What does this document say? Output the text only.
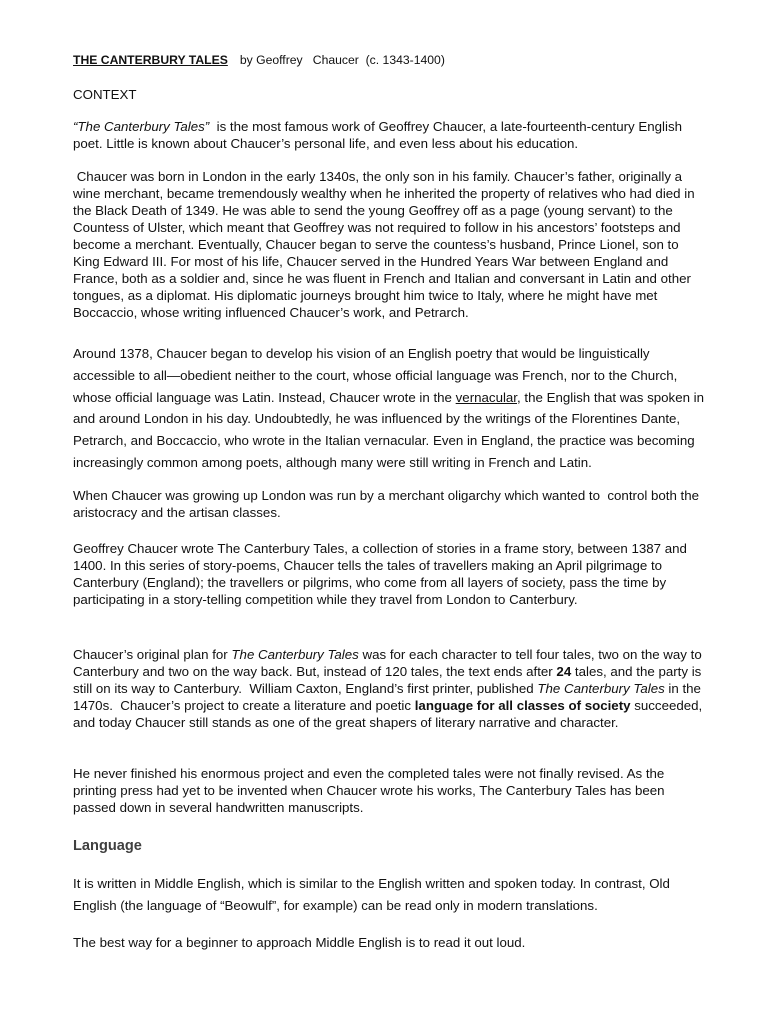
THE CANTERBURY TALES by Geoffrey   Chaucer  (c. 1343-1400)

CONTEXT

“The Canterbury Tales”  is the most famous work of Geoffrey Chaucer, a late-fourteenth-century English poet. Little is known about Chaucer’s personal life, and even less about his education.

Chaucer was born in London in the early 1340s, the only son in his family. Chaucer’s father, originally a wine merchant, became tremendously wealthy when he inherited the property of relatives who had died in the Black Death of 1349. He was able to send the young Geoffrey off as a page (young servant) to the Countess of Ulster, which meant that Geoffrey was not required to follow in his ancestors’ footsteps and become a merchant. Eventually, Chaucer began to serve the countess’s husband, Prince Lionel, son to King Edward III. For most of his life, Chaucer served in the Hundred Years War between England and France, both as a soldier and, since he was fluent in French and Italian and conversant in Latin and other tongues, as a diplomat. His diplomatic journeys brought him twice to Italy, where he might have met Boccaccio, whose writing influenced Chaucer’s work, and Petrarch.

Around 1378, Chaucer began to develop his vision of an English poetry that would be linguistically accessible to all—obedient neither to the court, whose official language was French, nor to the Church, whose official language was Latin. Instead, Chaucer wrote in the vernacular, the English that was spoken in and around London in his day. Undoubtedly, he was influenced by the writings of the Florentines Dante, Petrarch, and Boccaccio, who wrote in the Italian vernacular. Even in England, the practice was becoming increasingly common among poets, although many were still writing in French and Latin.

When Chaucer was growing up London was run by a merchant oligarchy which wanted to  control both the aristocracy and the artisan classes.

Geoffrey Chaucer wrote The Canterbury Tales, a collection of stories in a frame story, between 1387 and 1400. In this series of story-poems, Chaucer tells the tales of travellers making an April pilgrimage to Canterbury (England); the travellers or pilgrims, who come from all layers of society, pass the time by participating in a story-telling competition while they travel from London to Canterbury.

Chaucer’s original plan for The Canterbury Tales was for each character to tell four tales, two on the way to Canterbury and two on the way back. But, instead of 120 tales, the text ends after 24 tales, and the party is still on its way to Canterbury.  William Caxton, England’s first printer, published The Canterbury Tales in the 1470s.  Chaucer’s project to create a literature and poetic language for all classes of society succeeded, and today Chaucer still stands as one of the great shapers of literary narrative and character.

He never finished his enormous project and even the completed tales were not finally revised. As the printing press had yet to be invented when Chaucer wrote his works, The Canterbury Tales has been passed down in several handwritten manuscripts.

Language

It is written in Middle English, which is similar to the English written and spoken today. In contrast, Old English (the language of “Beowulf”, for example) can be read only in modern translations.

The best way for a beginner to approach Middle English is to read it out loud.
